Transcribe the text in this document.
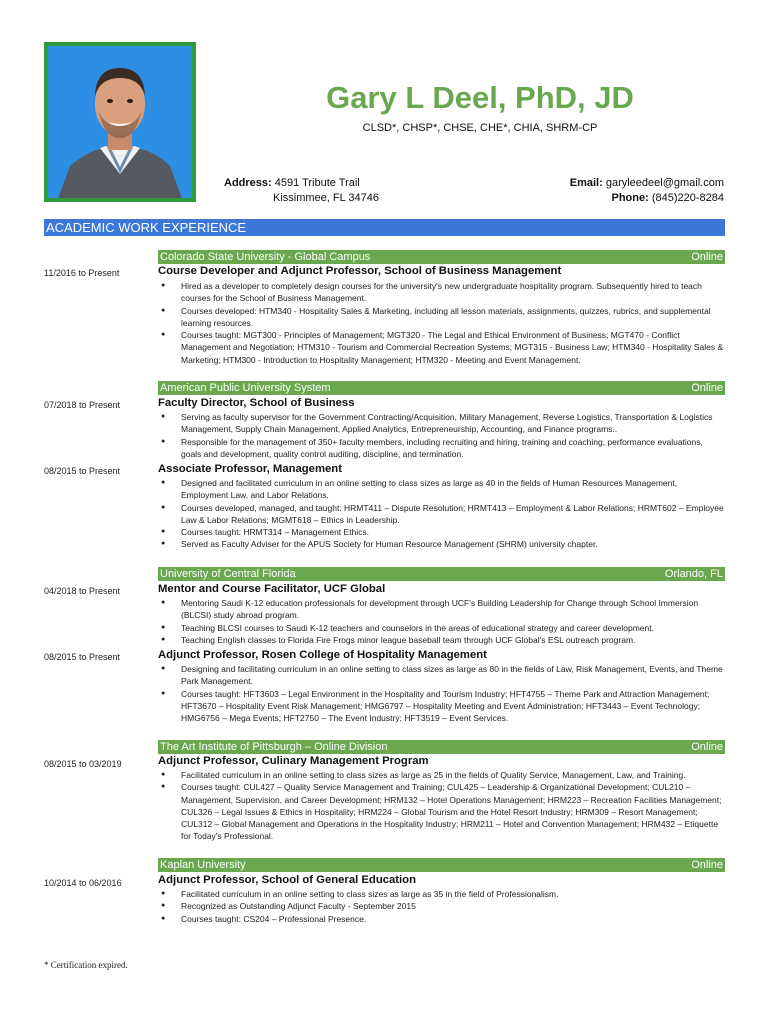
Gary L Deel, PhD, JD
CLSD*, CHSP*, CHSE, CHE*, CHIA, SHRM-CP
Address: 4591 Tribute Trail
Kissimmee, FL 34746
Email: garyleedeel@gmail.com
Phone: (845)220-8284
ACADEMIC WORK EXPERIENCE
Colorado State University - Global Campus	Online
11/2016 to Present	Course Developer and Adjunct Professor, School of Business Management
● Hired as a developer to completely design courses for the university's new undergraduate hospitality program. Subsequently hired to teach courses for the School of Business Management.
● Courses developed: HTM340 - Hospitality Sales & Marketing, including all lesson materials, assignments, quizzes, rubrics, and supplemental learning resources.
● Courses taught: MGT300 - Principles of Management; MGT320 - The Legal and Ethical Environment of Business; MGT470 - Conflict Management and Negotiation; HTM310 - Tourism and Commercial Recreation Systems; MGT315 - Business Law; HTM340 - Hospitality Sales & Marketing; HTM300 - Introduction to Hospitality Management; HTM320 - Meeting and Event Management.
American Public University System	Online
07/2018 to Present	Faculty Director, School of Business
● Serving as faculty supervisor for the Government Contracting/Acquisition, Military Management, Reverse Logistics, Transportation & Logistics Management, Supply Chain Management, Applied Analytics, Entrepreneurship, Accounting, and Finance programs..
● Responsible for the management of 350+ faculty members, including recruiting and hiring, training and coaching, performance evaluations, goals and development, quality control auditing, discipline, and termination.
08/2015 to Present	Associate Professor, Management
● Designed and facilitated curriculum in an online setting to class sizes as large as 40 in the fields of Human Resources Management, Employment Law, and Labor Relations.
● Courses developed, managed, and taught: HRMT411 – Dispute Resolution; HRMT413 – Employment & Labor Relations; HRMT602 – Employee Law & Labor Relations; MGMT618 – Ethics in Leadership.
● Courses taught: HRMT314 – Management Ethics.
● Served as Faculty Adviser for the APUS Society for Human Resource Management (SHRM) university chapter.
University of Central Florida	Orlando, FL
04/2018 to Present	Mentor and Course Facilitator, UCF Global
● Mentoring Saudi K-12 education professionals for development through UCF's Building Leadership for Change through School Immersion (BLCSI) study abroad program.
● Teaching BLCSI courses to Saudi K-12 teachers and counselors in the areas of educational strategy and career development.
● Teaching English classes to Florida Fire Frogs minor league baseball team through UCF Global's ESL outreach program.
08/2015 to Present	Adjunct Professor, Rosen College of Hospitality Management
● Designing and facilitating curriculum in an online setting to class sizes as large as 80 in the fields of Law, Risk Management, Events, and Theme Park Management.
● Courses taught: HFT3603 – Legal Environment in the Hospitality and Tourism Industry; HFT4755 – Theme Park and Attraction Management; HFT3670 – Hospitality Event Risk Management; HMG6797 – Hospitality Meeting and Event Administration; HFT3443 – Event Technology; HMG6756 – Mega Events; HFT2750 – The Event Industry; HFT3519 – Event Services.
The Art Institute of Pittsburgh – Online Division	Online
08/2015 to 03/2019	Adjunct Professor, Culinary Management Program
● Facilitated curriculum in an online setting to class sizes as large as 25 in the fields of Quality Service, Management, Law, and Training.
● Courses taught: CUL427 – Quality Service Management and Training; CUL425 – Leadership & Organizational Development; CUL210 – Management, Supervision, and Career Development; HRM132 – Hotel Operations Management; HRM223 – Recreation Facilities Management; CUL326 – Legal Issues & Ethics in Hospitality; HRM224 – Global Tourism and the Hotel Resort Industry; HRM309 – Resort Management; CUL312 – Global Management and Operations in the Hospitality Industry; HRM211 – Hotel and Convention Management; HRM432 – Etiquette for Today's Professional.
Kaplan University	Online
10/2014 to 06/2016	Adjunct Professor, School of General Education
● Facilitated curriculum in an online setting to class sizes as large as 35 in the field of Professionalism.
● Recognized as Outstanding Adjunct Faculty - September 2015
● Courses taught: CS204 – Professional Presence.
* Certification expired.
